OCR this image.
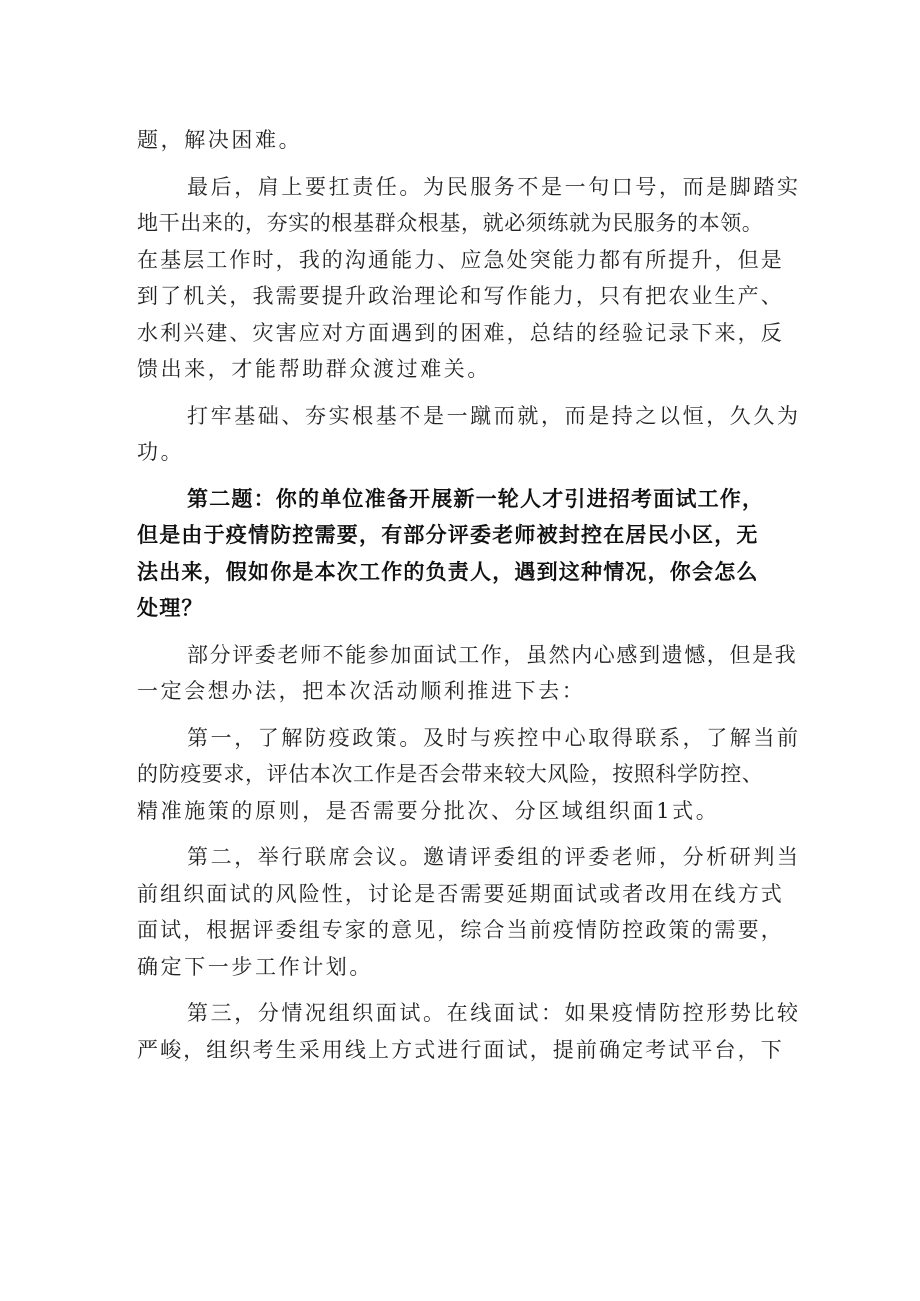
题，解决困难。
最后，肩上要扛责任。为民服务不是一句口号，而是脚踏实
地干出来的，夯实的根基群众根基，就必须练就为民服务的本领。
在基层工作时，我的沟通能力、应急处突能力都有所提升，但是
到了机关，我需要提升政治理论和写作能力，只有把农业生产、
水利兴建、灾害应对方面遇到的困难，总结的经验记录下来，反
馈出来，才能帮助群众渡过难关。
打牢基础、夯实根基不是一蹴而就，而是持之以恒，久久为
功。
第二题：你的单位准备开展新一轮人才引进招考面试工作，
但是由于疫情防控需要，有部分评委老师被封控在居民小区，无
法出来，假如你是本次工作的负责人，遇到这种情况，你会怎么
处理？
部分评委老师不能参加面试工作，虽然内心感到遗憾，但是我
一定会想办法，把本次活动顺利推进下去：
第一，了解防疫政策。及时与疾控中心取得联系，了解当前
的防疫要求，评估本次工作是否会带来较大风险，按照科学防控、
精准施策的原则，是否需要分批次、分区域组织面1式。
第二，举行联席会议。邀请评委组的评委老师，分析研判当
前组织面试的风险性，讨论是否需要延期面试或者改用在线方式
面试，根据评委组专家的意见，综合当前疫情防控政策的需要，
确定下一步工作计划。
第三，分情况组织面试。在线面试：如果疫情防控形势比较
严峻，组织考生采用线上方式进行面试，提前确定考试平台，下
